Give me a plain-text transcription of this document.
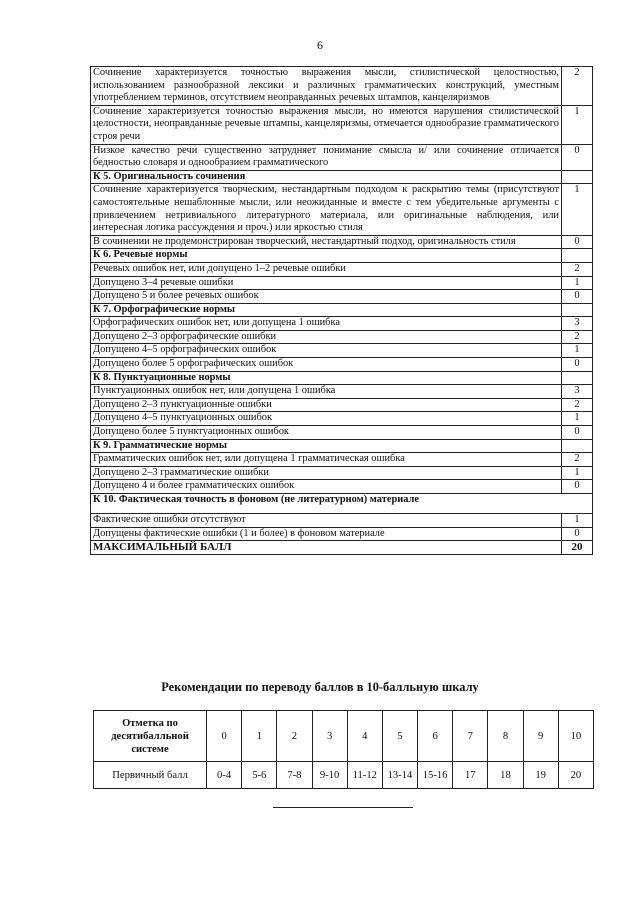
6
Сочинение характеризуется точностью выражения мысли, стилистической целостностью, использованием разнообразной лексики и различных грамматических конструкций, уместным употреблением терминов, отсутствием неоправданных речевых штампов, канцеляризмов	2
Сочинение характеризуется точностью выражения мысли, но имеются нарушения стилистической целостности, неоправданные речевые штампы, канцеляризмы, отмечается однообразие грамматического строя речи	1
Низкое качество речи существенно затрудняет понимание смысла и/ или сочинение отличается бедностью словаря и однообразием грамматического	0
К 5. Оригинальность сочинения	
Сочинение характеризуется творческим, нестандартным подходом к раскрытию темы (присутствуют самостоятельные нешаблонные мысли, или неожиданные и вместе с тем убедительные аргументы с привлечением нетривиального литературного материала, или оригинальные наблюдения, или интересная логика рассуждения и проч.) или яркостью стиля	1
В сочинении не продемонстрирован творческий, нестандартный подход, оригинальность стиля	0
К 6. Речевые нормы	
Речевых ошибок нет, или допущено 1–2 речевые ошибки	2
Допущено 3–4 речевые ошибки	1
Допущено 5 и более речевых ошибок	0
К 7. Орфографические нормы	
Орфографических ошибок нет, или допущена 1 ошибка	3
Допущено 2–3 орфографические ошибки	2
Допущено 4–5 орфографических ошибок	1
Допущено более 5 орфографических ошибок	0
К 8. Пунктуационные нормы	
Пунктуационных ошибок нет, или допущена 1 ошибка	3
Допущено 2–3 пунктуационные ошибки	2
Допущено 4–5 пунктуационных ошибок	1
Допущено более 5 пунктуационных ошибок	0
К 9. Грамматические нормы	
Грамматических ошибок нет, или допущена 1 грамматическая ошибка	2
Допущено 2–3 грамматические ошибки	1
Допущено 4 и более грамматических ошибок	0
К 10. Фактическая точность в фоновом (не литературном) материале	
Фактические ошибки отсутствуют	1
Допущены фактические ошибки (1 и более) в фоновом материале	0
МАКСИМАЛЬНЫЙ БАЛЛ	20
Рекомендации по переводу баллов в 10-балльную шкалу
Отметка по десятибалльной системе	0	1	2	3	4	5	6	7	8	9	10
Первичный балл	0-4	5-6	7-8	9-10	11-12	13-14	15-16	17	18	19	20
